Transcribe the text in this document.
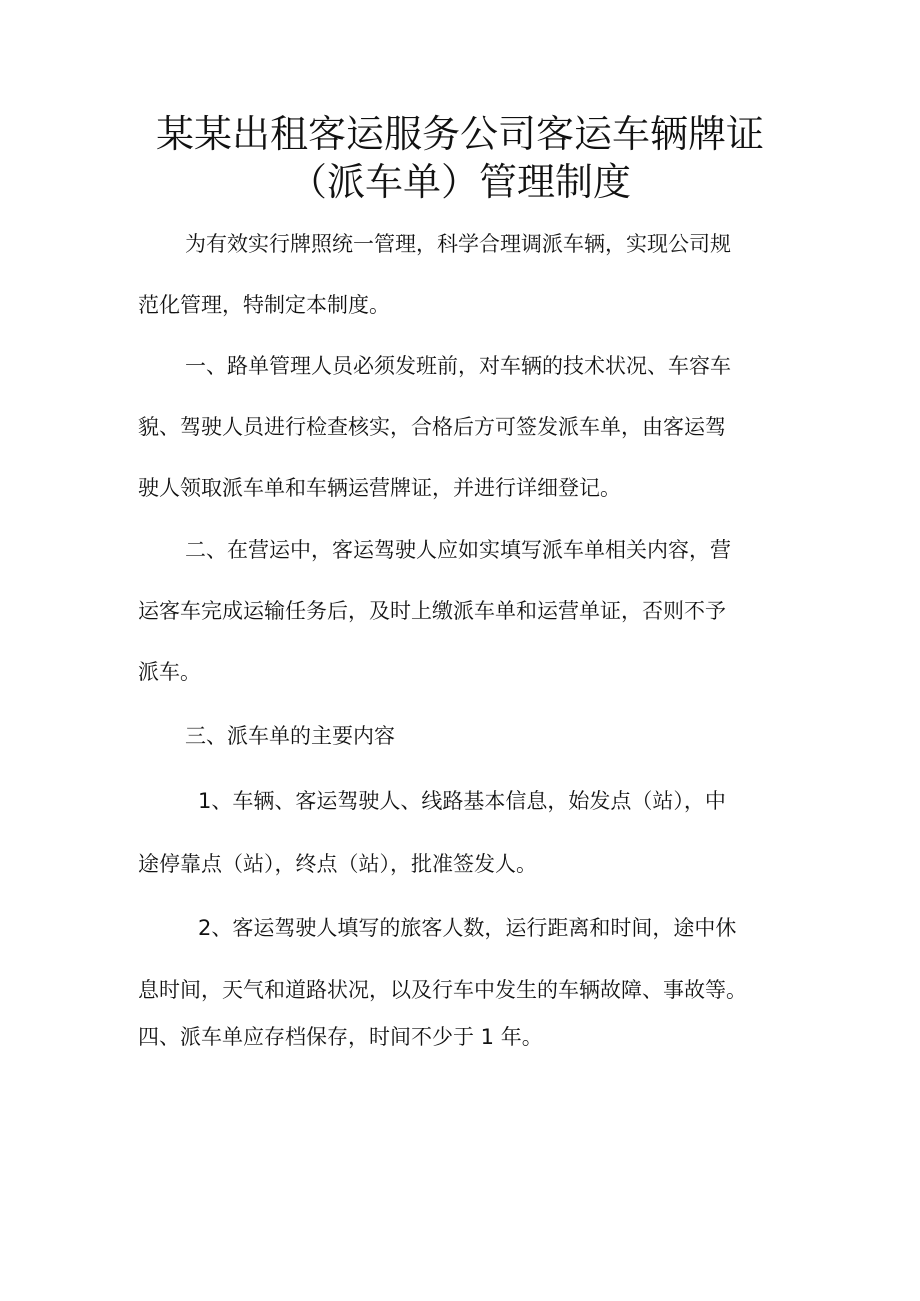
某某出租客运服务公司客运车辆牌证
（派车单）管理制度

为有效实行牌照统一管理，科学合理调派车辆，实现公司规

范化管理，特制定本制度。

一、路单管理人员必须发班前，对车辆的技术状况、车容车

貌、驾驶人员进行检查核实，合格后方可签发派车单，由客运驾

驶人领取派车单和车辆运营牌证，并进行详细登记。

二、在营运中，客运驾驶人应如实填写派车单相关内容，营

运客车完成运输任务后，及时上缴派车单和运营单证，否则不予

派车。

三、派车单的主要内容

1、车辆、客运驾驶人、线路基本信息，始发点（站），中

途停靠点（站），终点（站），批准签发人。

2、客运驾驶人填写的旅客人数，运行距离和时间，途中休

息时间，天气和道路状况，以及行车中发生的车辆故障、事故等。

四、派车单应存档保存，时间不少于 1 年。
